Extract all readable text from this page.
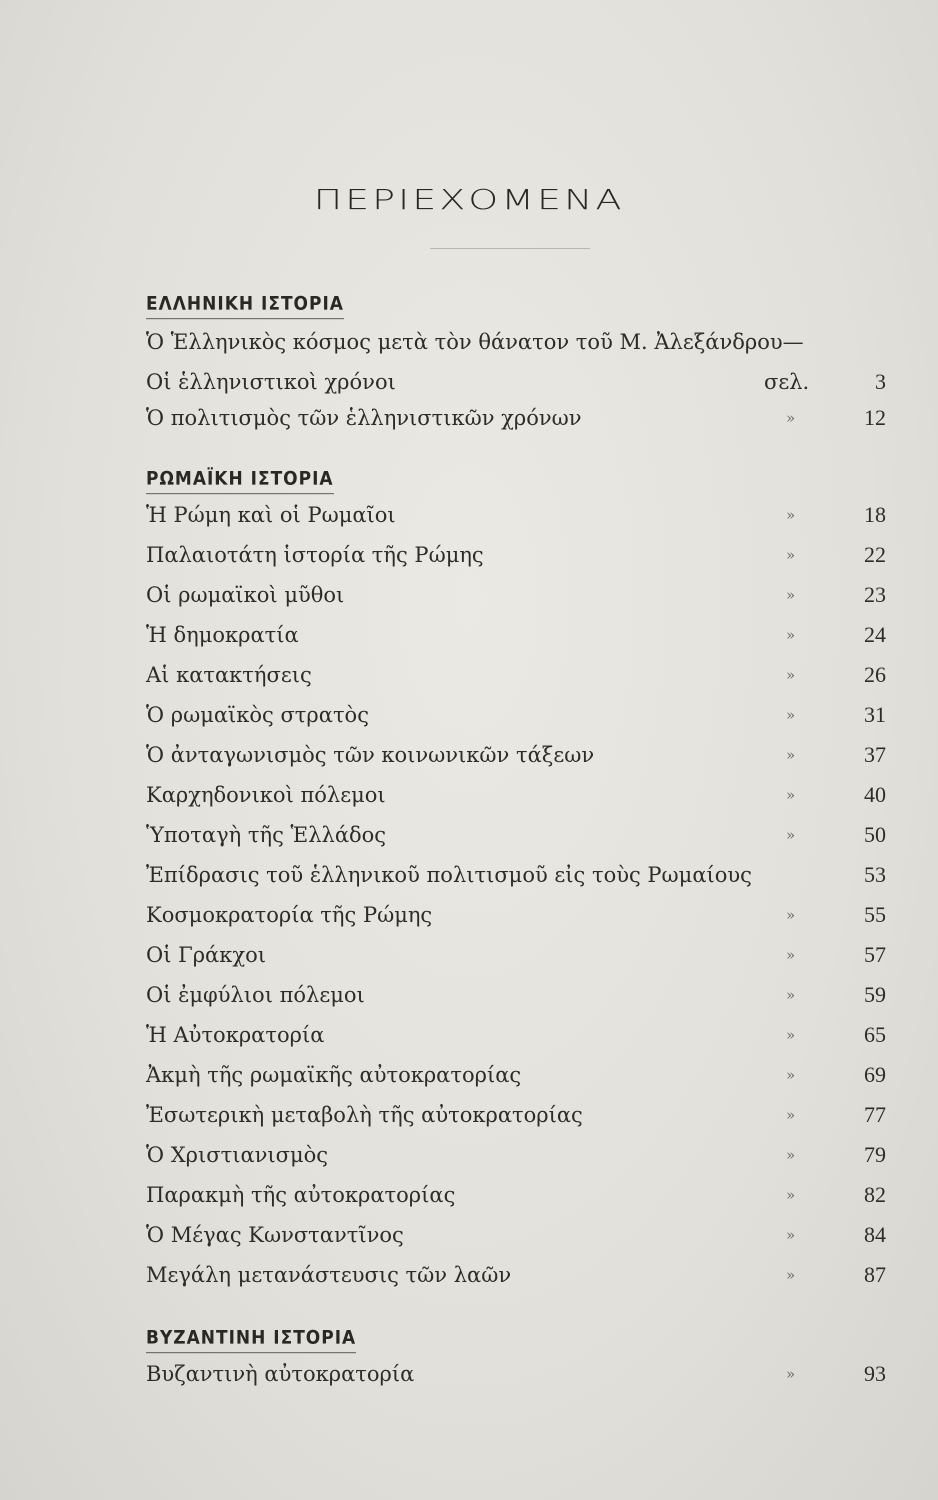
ΠΕΡΙΕΧΟΜΕΝΑ
ΕΛΛΗΝΙΚΗ ΙΣΤΟΡΙΑ
Ὁ Ἑλληνικὸς κόσμος μετὰ τὸν θάνατον τοῦ Μ. Ἀλεξάνδρου—
Οἱ ἑλληνιστικοὶ χρόνοι	σελ.	3
Ὁ πολιτισμὸς τῶν ἑλληνιστικῶν χρόνων	»	12
ΡΩΜΑΪΚΗ ΙΣΤΟΡΙΑ
Ἡ Ρώμη καὶ οἱ Ρωμαῖοι	»	18
Παλαιοτάτη ἱστορία τῆς Ρώμης	»	22
Οἱ ρωμαϊκοὶ μῦθοι	»	23
Ἡ δημοκρατία	»	24
Αἱ κατακτήσεις	»	26
Ὁ ρωμαϊκὸς στρατὸς	»	31
Ὁ ἀνταγωνισμὸς τῶν κοινωνικῶν τάξεων	»	37
Καρχηδονικοὶ πόλεμοι	»	40
Ὑποταγὴ τῆς Ἑλλάδος	»	50
Ἐπίδρασις τοῦ ἑλληνικοῦ πολιτισμοῦ εἰς τοὺς Ρωμαίους	53
Κοσμοκρατορία τῆς Ρώμης	»	55
Οἱ Γράκχοι	»	57
Οἱ ἐμφύλιοι πόλεμοι	»	59
Ἡ Αὐτοκρατορία	»	65
Ἀκμὴ τῆς ρωμαϊκῆς αὐτοκρατορίας	»	69
Ἐσωτερικὴ μεταβολὴ τῆς αὐτοκρατορίας	»	77
Ὁ Χριστιανισμὸς	»	79
Παρακμὴ τῆς αὐτοκρατορίας	»	82
Ὁ Μέγας Κωνσταντῖνος	»	84
Μεγάλη μετανάστευσις τῶν λαῶν	»	87
ΒΥΖΑΝΤΙΝΗ ΙΣΤΟΡΙΑ
Βυζαντινὴ αὐτοκρατορία	»	93
